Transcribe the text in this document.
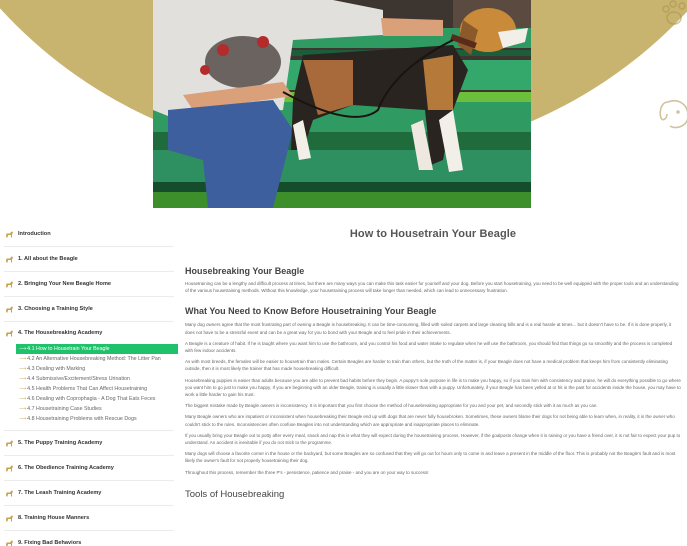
Introduction
1. All about the Beagle
2. Bringing Your New Beagle Home
3. Choosing a Training Style
4. The Housebreaking Academy
⟶ 4.1 How to Housetrain Your Beagle
⟶ 4.2 An Alternative Housebreaking Method: The Litter Pan
⟶ 4.3 Dealing with Marking
⟶ 4.4 Submissive/Excitement/Stress Urination
⟶ 4.5 Health Problems That Can Affect Housetraining
⟶ 4.6 Dealing with Coprophagia - A Dog That Eats Feces
⟶ 4.7 Housetraining Case Studies
⟶ 4.8 Housetraining Problems with Rescue Dogs
5. The Puppy Training Academy
6. The Obedience Training Academy
7. The Leash Training Academy
8. Training House Manners
9. Fixing Bad Behaviors
How to Housetrain Your Beagle
Housebreaking Your Beagle

Housetraining can be a lengthy and difficult process at times, but there are many ways you can make this task easier for yourself and your dog. Before you start housetraining, you need to be well equipped with the proper tools and an understanding of the various housetraining methods. Without this knowledge, your housetraining process will take longer than needed, which can lead to unnecessary frustration.

What You Need to Know Before Housetraining Your Beagle

Many dog owners agree that the most frustrating part of owning a Beagle is housebreaking. It can be time-consuming, filled with soiled carpets and large cleaning bills and is a real hassle at times... but it doesn't have to be. If it is done properly, it does not have to be a stressful event and can be a great way for you to bond with your Beagle and to feel pride in their achievements.

A Beagle is a creature of habit. If he is taught where you want him to use the bathroom, and you control his food and water intake to regulate when he will use the bathroom, you should find that things go so smoothly and the process is completed with few indoor accidents.

As with most breeds, the females will be easier to housetrain than males. Certain Beagles are harder to train than others, but the truth of the matter is, if your Beagle does not have a medical problem that keeps him from consistently eliminating outside, then it is most likely the trainer that has made housebreaking difficult.

Housebreaking puppies is easier than adults because you are able to prevent bad habits before they begin. A puppy's sole purpose in life is to make you happy, so if you train him with consistency and praise, he will do everything possible to go where you want him to go just to make you happy. If you are beginning with an older Beagle, training is usually a little slower than with a puppy. Unfortunately, if your Beagle has been yelled at or hit in the past for accidents inside the house, you may have to work a little harder to gain his trust.

The biggest mistake made by Beagle owners is inconsistency. It is important that you first choose the method of housebreaking appropriate for you and your pet, and secondly stick with it as much as you can.

Many Beagle owners who are impatient or inconsistent when housebreaking their Beagle end up with dogs that are never fully housebroken. Sometimes, these owners blame their dogs for not being able to learn when, in reality, it is the owner who couldn't stick to the rules. Inconsistencies often confuse Beagles into not understanding which are appropriate and inappropriate places to eliminate.

If you usually bring your Beagle out to potty after every meal, snack and nap this is what they will expect during the housetraining process. However, if the goalposts change when it is raining or you have a friend over, it is not fair to expect your pup to understand. An accident is inevitable if you do not stick to the programme.

Many dogs will choose a favorite corner in the house or the backyard, but some Beagles are so confused that they will go out for hours only to come in and leave a present in the middle of the floor. This is probably not the Beagle's fault and is most likely the owner's fault for not properly housetraining their dog.

Throughout this process, remember the three P's - persistence, patience and praise - and you are on your way to success!

Tools of Housebreaking
